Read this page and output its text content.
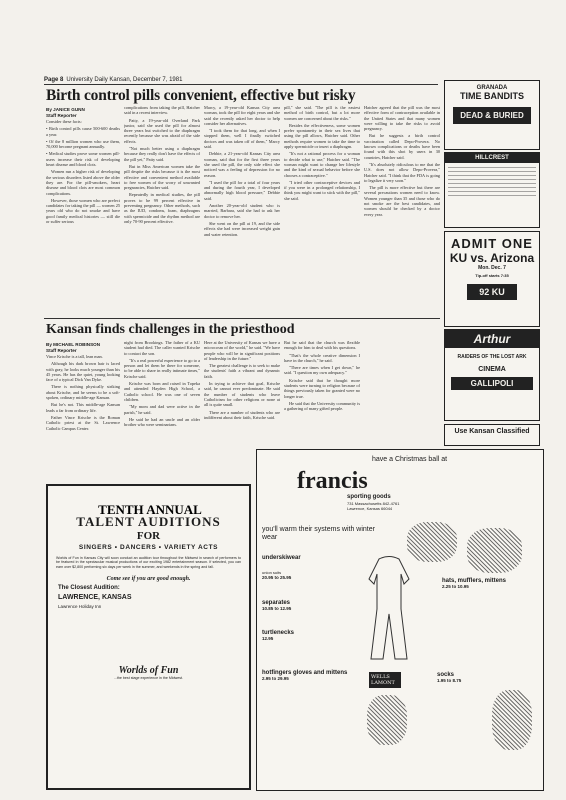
Page 8 University Daily Kansan, December 7, 1981
Birth control pills convenient, effective but risky
By JANICE GUNN
Staff Reporter

Consider these facts:

• Birth control pills cause 500-600 deaths a year.

• Of the 8 million women who use them, 70,000 become pregnant annually.

• Medical studies prove some women pill-users increase their risk of developing heart disease and blood clots.

Women run a higher risk of developing the serious disorders listed above the older they are. For the pill-smokers, heart disease and blood clots are most common complications.

However, those women who are prefect candidates for taking the pill — women 25 years old who do not smoke and have good family medical histories — still die or suffer serious

complications from taking the pill, Hatcher said in a recent interview.

Patty, a 19-year-old Overland Park junior, said she used the pill for almost three years but switched to the diaphragm recently because she was afraid of the side effects.

"Not much better using a diaphragm because they really don't have the effects of the pill yet," Patty said.

But in Miss American women take the pill despite the risks because it is the most effective and convenient method available to free women of the worry of unwanted pregnancies, Hatcher said.

Repeatedly in medical studies, the pill proves to be 99 percent effective in preventing pregnancy. Other methods, such as the IUD, condoms, foam, diaphragms with spermicide and the rhythm method are only 70-90 percent effective.

Marcy, a 19-year-old Kansas City area woman, took the pill for eight years and she said she recently asked her doctor to help consider her alternatives.

"I took them for that long, and when I stopped them, well I finally switched doctors and was taken off of them," Marcy said.

Debbie, a 21-year-old Kansas City area woman, said that for the first three years she used the pill, the only side effect she noticed was a feeling of depression for no reason.

"I used the pill for a total of four years and during the fourth year, I developed abnormally high blood pressure," Debbie said.

Another 20-year-old student who is married, Barbara, said she had to ask her doctor to remove her.

She went on the pill at 19, and the side effects she had were increased weight gain and water retention.

pill," she said. "The pill is the easiest method of birth control, but a lot more women are concerned about the risks."

Besides the effectiveness, some women prefer spontaneity in their sex lives that using the pill allows, Hatcher said. Other methods require women to take the time to apply spermicide or insert a diaphragm.

"It's not a rational process for a woman to decide what to use," Hatcher said. "The woman might want to change her lifestyle and the kind of sexual behavior before she chooses a contraceptive."

"I tried other contraceptive devices and if you were in a prolonged relationship, I think you might want to stick with the pill," she said.

Hatcher agreed that the pill was the most effective form of contraception available in the United States and that many women were willing to take the risks to avoid pregnancy.

But he suggests a birth control vaccination called Depo-Provera. No known complications or deaths have been found with this shot by users in 30 countries, Hatcher said.

"It's absolutely ridiculous to me that the U.S. does not allow Depo-Provera," Hatcher said. "I think that the FDA is going to legalize it very soon."

The pill is more effective but there are several precautions women need to know. Women younger than 35 and those who do not smoke are the best candidates, and women should be checked by a doctor every year.

Kansan finds challenges in the priesthood
By MICHAEL ROBINSON
Staff Reporter

Vince Krische is a tall, lean man.

Although his dark brown hair is laced with gray, he looks much younger than his 45 years. He has the quiet, young looking face of a typical Dick Van Dyke.

There is nothing physically striking about Krische, and he seems to be a soft-spoken, ordinary middle-age Kansan.

But he's not. This middle-age Kansan leads a far from ordinary life.

Father Vince Krische is the Roman Catholic priest at the St. Lawrence Catholic Campus Center.

night from Brookings. The father of a KU student had died. The caller wanted Krische to contact the son.

"It's a real powerful experience to go to a person and let them be there for someone, to be able to share in really intimate times," Krische said.

Krische was born and raised in Topeka and attended Hayden High School, a Catholic school. He was one of seven children.

"My mom and dad were active in the parish," he said.

He said he had an uncle and an older brother who were seminarians.

Here at the University of Kansas we have a microcosm of the world," he said. "We have people who will be in significant positions of leadership in the future."

The greatest challenge is to seek to make the students' faith a vibrant and dynamic faith.

In trying to achieve that goal, Krische said, he cannot ever predominate. He said the number of students who leave Catholicism for other religions or none at all is quite small.

There are a number of students who are indifferent about their faith, Krische said.

But he said that the church was flexible enough for him to deal with his questions.

"That's the whole creative dimension I have in the church," he said.

"There are times when I get down," he said. "I question my own adequacy."

Krische said that he thought more students were turning to religion because of things previously taken for granted were no longer true.

He said that the University community is a gathering of many gifted people.

GRANADA
TIME BANDITS
DEAD & BURIED
HILLCREST
ADMIT ONE
KU vs. Arizona
Mon. Dec. 7
Tip-off starts 7:35
92 KU
Arthur
RAIDERS OF THE LOST ARK
CINEMA
GALLIPOLI
Use Kansan Classified
TENTH ANNUAL
TALENT AUDITIONS
FOR
SINGERS • DANCERS • VARIETY ACTS
Worlds of Fun in Kansas City will soon conduct an audition tour throughout the Midwest in search of performers to be featured in the spectacular musical productions of our exciting 1982 entertainment season. If selected, you can earn over $2,800 performing six days per week in the summer, and weekends in the spring and fall.
Come see if you are good enough.
The Closest Audition:
LAWRENCE, KANSAS
Lawrence Holiday Inn
Worlds of Fun
...the best stage experience in the Midwest.
have a Christmas ball at
francis
sporting goods
731 Massachusetts 842-4761
Lawrence, Kansas 66044
you'll warm their systems with winter wear
hats, mufflers, mittens
2.25 to 10.95
underskiwear
union suits
20.95 to 25.95
separates
10.85 to 12.95
turtlenecks
12.95
hotfingers gloves and mittens
2.95 to 29.95	WELLS LAMONT
socks
1.95 to 8.75
